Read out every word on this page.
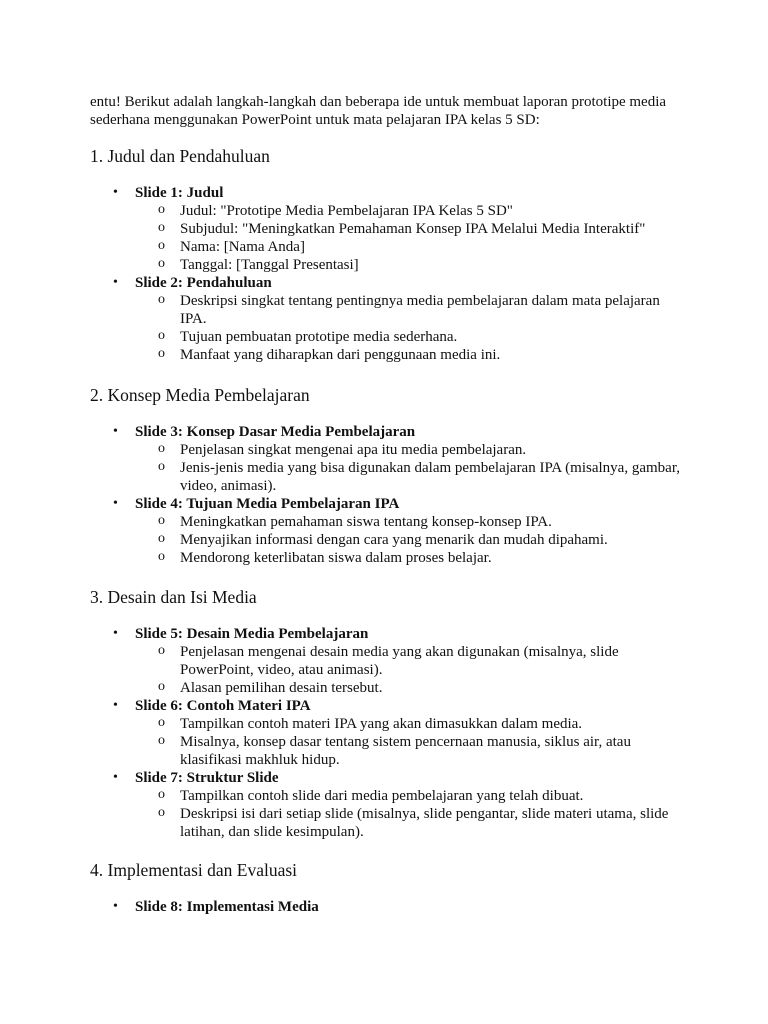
entu! Berikut adalah langkah-langkah dan beberapa ide untuk membuat laporan prototipe media sederhana menggunakan PowerPoint untuk mata pelajaran IPA kelas 5 SD:
1. Judul dan Pendahuluan
• Slide 1: Judul
o Judul: "Prototipe Media Pembelajaran IPA Kelas 5 SD"
o Subjudul: "Meningkatkan Pemahaman Konsep IPA Melalui Media Interaktif"
o Nama: [Nama Anda]
o Tanggal: [Tanggal Presentasi]
• Slide 2: Pendahuluan
o Deskripsi singkat tentang pentingnya media pembelajaran dalam mata pelajaran IPA.
o Tujuan pembuatan prototipe media sederhana.
o Manfaat yang diharapkan dari penggunaan media ini.
2. Konsep Media Pembelajaran
• Slide 3: Konsep Dasar Media Pembelajaran
o Penjelasan singkat mengenai apa itu media pembelajaran.
o Jenis-jenis media yang bisa digunakan dalam pembelajaran IPA (misalnya, gambar, video, animasi).
• Slide 4: Tujuan Media Pembelajaran IPA
o Meningkatkan pemahaman siswa tentang konsep-konsep IPA.
o Menyajikan informasi dengan cara yang menarik dan mudah dipahami.
o Mendorong keterlibatan siswa dalam proses belajar.
3. Desain dan Isi Media
• Slide 5: Desain Media Pembelajaran
o Penjelasan mengenai desain media yang akan digunakan (misalnya, slide PowerPoint, video, atau animasi).
o Alasan pemilihan desain tersebut.
• Slide 6: Contoh Materi IPA
o Tampilkan contoh materi IPA yang akan dimasukkan dalam media.
o Misalnya, konsep dasar tentang sistem pencernaan manusia, siklus air, atau klasifikasi makhluk hidup.
• Slide 7: Struktur Slide
o Tampilkan contoh slide dari media pembelajaran yang telah dibuat.
o Deskripsi isi dari setiap slide (misalnya, slide pengantar, slide materi utama, slide latihan, dan slide kesimpulan).
4. Implementasi dan Evaluasi
• Slide 8: Implementasi Media
